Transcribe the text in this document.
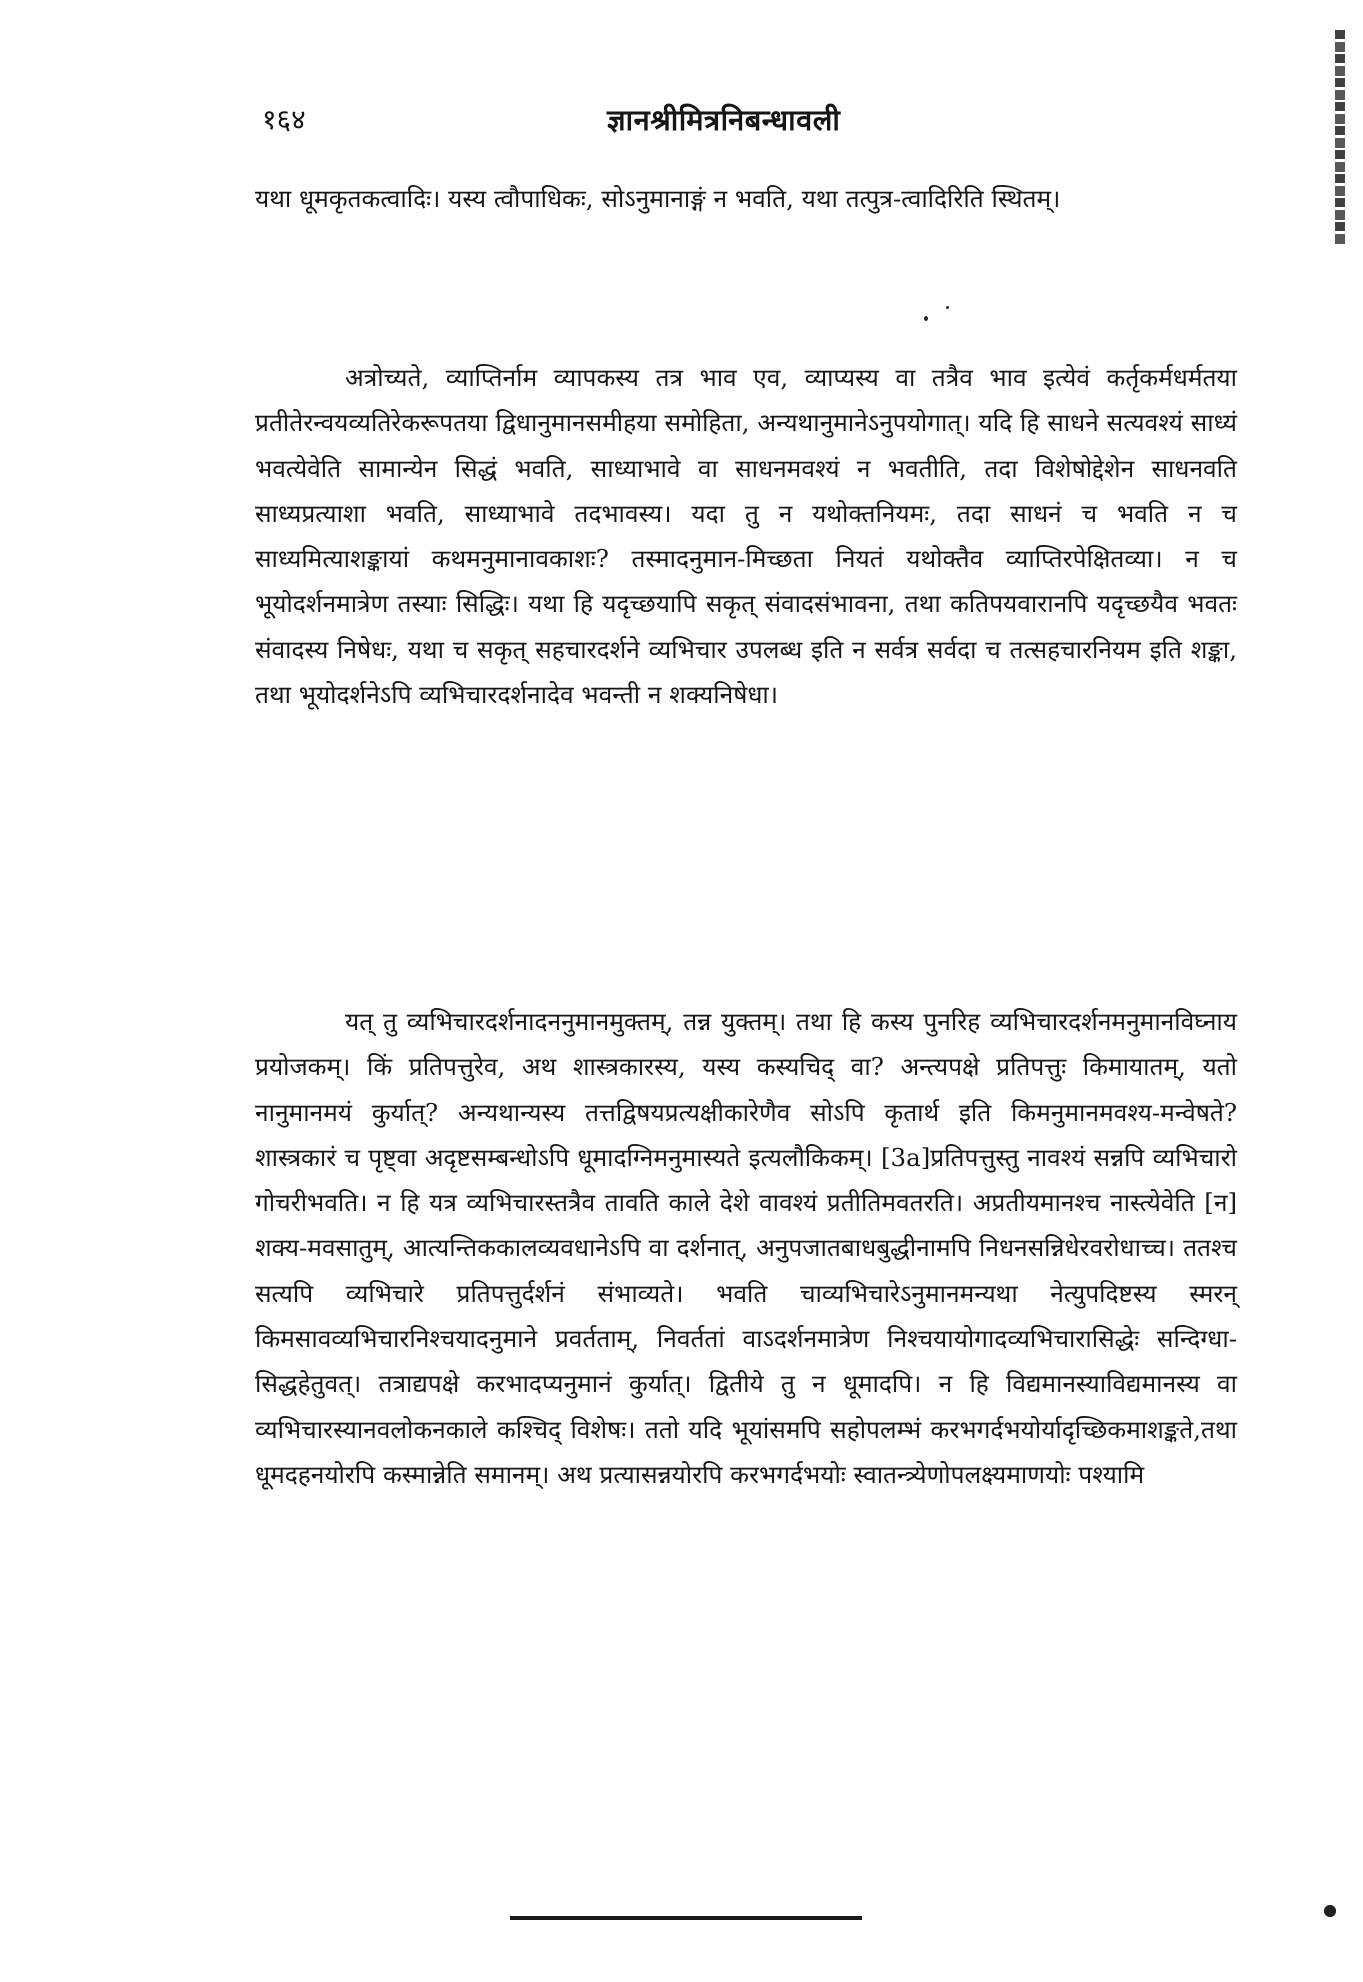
१६४	ज्ञानश्रीमित्रनिबन्धावली

यथा धूमकृतकत्वादिः। यस्य त्वौपाधिकः, सोऽनुमानाङ्गं न भवति, यथा तत्पुत्र-त्वादिरिति स्थितम्।

अत्रोच्यते, व्याप्तिर्नाम व्यापकस्य तत्र भाव एव, व्याप्यस्य वा तत्रैव भाव इत्येवं कर्तृकर्मधर्मतया प्रतीतेरन्वयव्यतिरेकरूपतया द्विधानुमानसमीहया समोहिता, अन्यथानुमानेऽनुपयोगात्। यदि हि साधने सत्यवश्यं साध्यं भवत्येवेति सामान्येन सिद्धं भवति, साध्याभावे वा साधनमवश्यं न भवतीति, तदा विशेषोद्देशेन साधनवति साध्यप्रत्याशा भवति, साध्याभावे तदभावस्य। यदा तु न यथोक्तनियमः, तदा साधनं च भवति न च साध्यमित्याशङ्कायां कथमनुमानावकाशः? तस्मादनुमान-मिच्छता नियतं यथोक्तैव व्याप्तिरपेक्षितव्या। न च भूयोदर्शनमात्रेण तस्याः सिद्धिः। यथा हि यदृच्छयापि सकृत् संवादसंभावना, तथा कतिपयवारानपि यदृच्छयैव भवतः संवादस्य निषेधः, यथा च सकृत् सहचारदर्शने व्यभिचार उपलब्ध इति न सर्वत्र सर्वदा च तत्सहचारनियम इति शङ्का, तथा भूयोदर्शनेऽपि व्यभिचारदर्शनादेव भवन्ती न शक्यनिषेधा।

यत् तु व्यभिचारदर्शनादननुमानमुक्तम्, तन्न युक्तम्। तथा हि कस्य पुनरिह व्यभिचारदर्शनमनुमानविघ्नाय प्रयोजकम्। किं प्रतिपत्तुरेव, अथ शास्त्रकारस्य, यस्य कस्यचिद् वा? अन्त्यपक्षे प्रतिपत्तुः किमायातम्, यतो नानुमानमयं कुर्यात्? अन्यथान्यस्य तत्तद्विषयप्रत्यक्षीकारेणैव सोऽपि कृतार्थ इति किमनुमानमवश्य-मन्वेषते? शास्त्रकारं च पृष्ट्वा अदृष्टसम्बन्धोऽपि धूमादग्निमनुमास्यते इत्यलौकिकम्। [3a]प्रतिपत्तुस्तु नावश्यं सन्नपि व्यभिचारो गोचरीभवति। न हि यत्र व्यभिचारस्तत्रैव तावति काले देशे वावश्यं प्रतीतिमवतरति। अप्रतीयमानश्च नास्त्येवेति [न] शक्य-मवसातुम्, आत्यन्तिककालव्यवधानेऽपि वा दर्शनात्, अनुपजातबाधबुद्धीनामपि निधनसन्निधेरवरोधाच्च। ततश्च सत्यपि व्यभिचारे प्रतिपत्तुर्दर्शनं संभाव्यते। भवति चाव्यभिचारेऽनुमानमन्यथा नेत्युपदिष्टस्य स्मरन् किमसावव्यभिचारनिश्चयादनुमाने प्रवर्तताम्, निवर्ततां वाऽदर्शनमात्रेण निश्चयायोगादव्यभिचारासिद्धेः सन्दिग्धा-सिद्धहेतुवत्। तत्राद्यपक्षे करभादप्यनुमानं कुर्यात्। द्वितीये तु न धूमादपि। न हि विद्यमानस्याविद्यमानस्य वा व्यभिचारस्यानवलोकनकाले कश्चिद् विशेषः। ततो यदि भूयांसमपि सहोपलम्भं करभगर्दभयोर्यादृच्छिकमाशङ्कते,तथा धूमदहनयोरपि कस्मान्नेति समानम्। अथ प्रत्यासन्नयोरपि करभगर्दभयोः स्वातन्त्र्येणोपलक्ष्यमाणयोः पश्यामि
